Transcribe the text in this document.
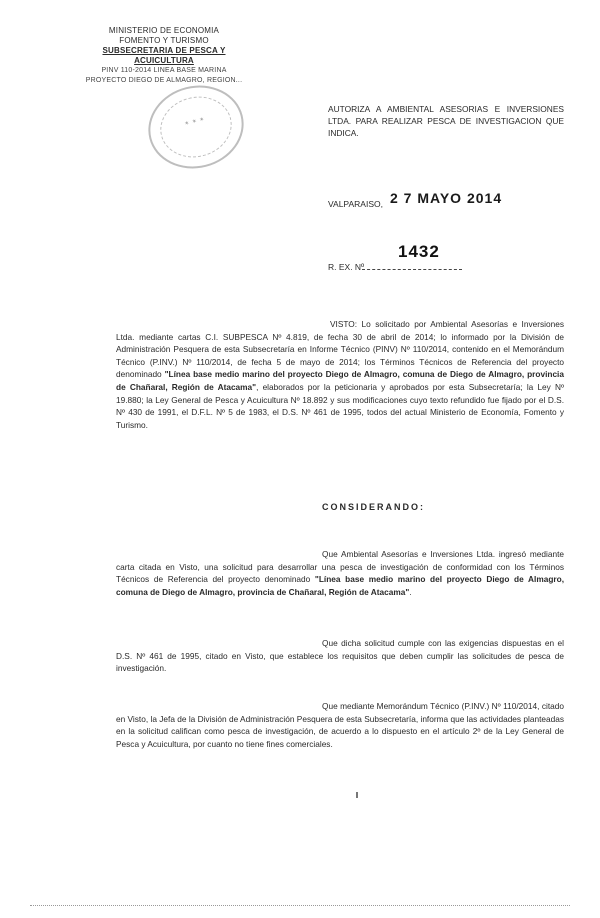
MINISTERIO DE ECONOMIA
FOMENTO Y TURISMO
SUBSECRETARIA DE PESCA Y ACUICULTURA
PINV 110-2014 LINEA BASE MARINA
PROYECTO DIEGO DE ALMAGRO, REGION...
✶ ✶ ✶
AUTORIZA A AMBIENTAL ASESORIAS E INVERSIONES LTDA. PARA REALIZAR PESCA DE INVESTIGACION QUE INDICA.
VALPARAISO, 2 7 MAYO 2014
1432
R. EX. Nº
VISTO: Lo solicitado por Ambiental Asesorías e Inversiones Ltda. mediante cartas C.I. SUBPESCA Nº 4.819, de fecha 30 de abril de 2014; lo informado por la División de Administración Pesquera de esta Subsecretaría en Informe Técnico (PINV) Nº 110/2014, contenido en el Memorándum Técnico (P.INV.) Nº 110/2014, de fecha 5 de mayo de 2014; los Términos Técnicos de Referencia del proyecto denominado "Línea base medio marino del proyecto Diego de Almagro, comuna de Diego de Almagro, provincia de Chañaral, Región de Atacama", elaborados por la peticionaria y aprobados por esta Subsecretaría; la Ley Nº 19.880; la Ley General de Pesca y Acuicultura Nº 18.892 y sus modificaciones cuyo texto refundido fue fijado por el D.S. Nº 430 de 1991, el D.F.L. Nº 5 de 1983, el D.S. Nº 461 de 1995, todos del actual Ministerio de Economía, Fomento y Turismo.
CONSIDERANDO:
Que Ambiental Asesorías e Inversiones Ltda. ingresó mediante carta citada en Visto, una solicitud para desarrollar una pesca de investigación de conformidad con los Términos Técnicos de Referencia del proyecto denominado "Línea base medio marino del proyecto Diego de Almagro, comuna de Diego de Almagro, provincia de Chañaral, Región de Atacama".
Que dicha solicitud cumple con las exigencias dispuestas en el D.S. Nº 461 de 1995, citado en Visto, que establece los requisitos que deben cumplir las solicitudes de pesca de investigación.
Que mediante Memorándum Técnico (P.INV.) Nº 110/2014, citado en Visto, la Jefa de la División de Administración Pesquera de esta Subsecretaría, informa que las actividades planteadas en la solicitud califican como pesca de investigación, de acuerdo a lo dispuesto en el artículo 2º de la Ley General de Pesca y Acuicultura, por cuanto no tiene fines comerciales.
